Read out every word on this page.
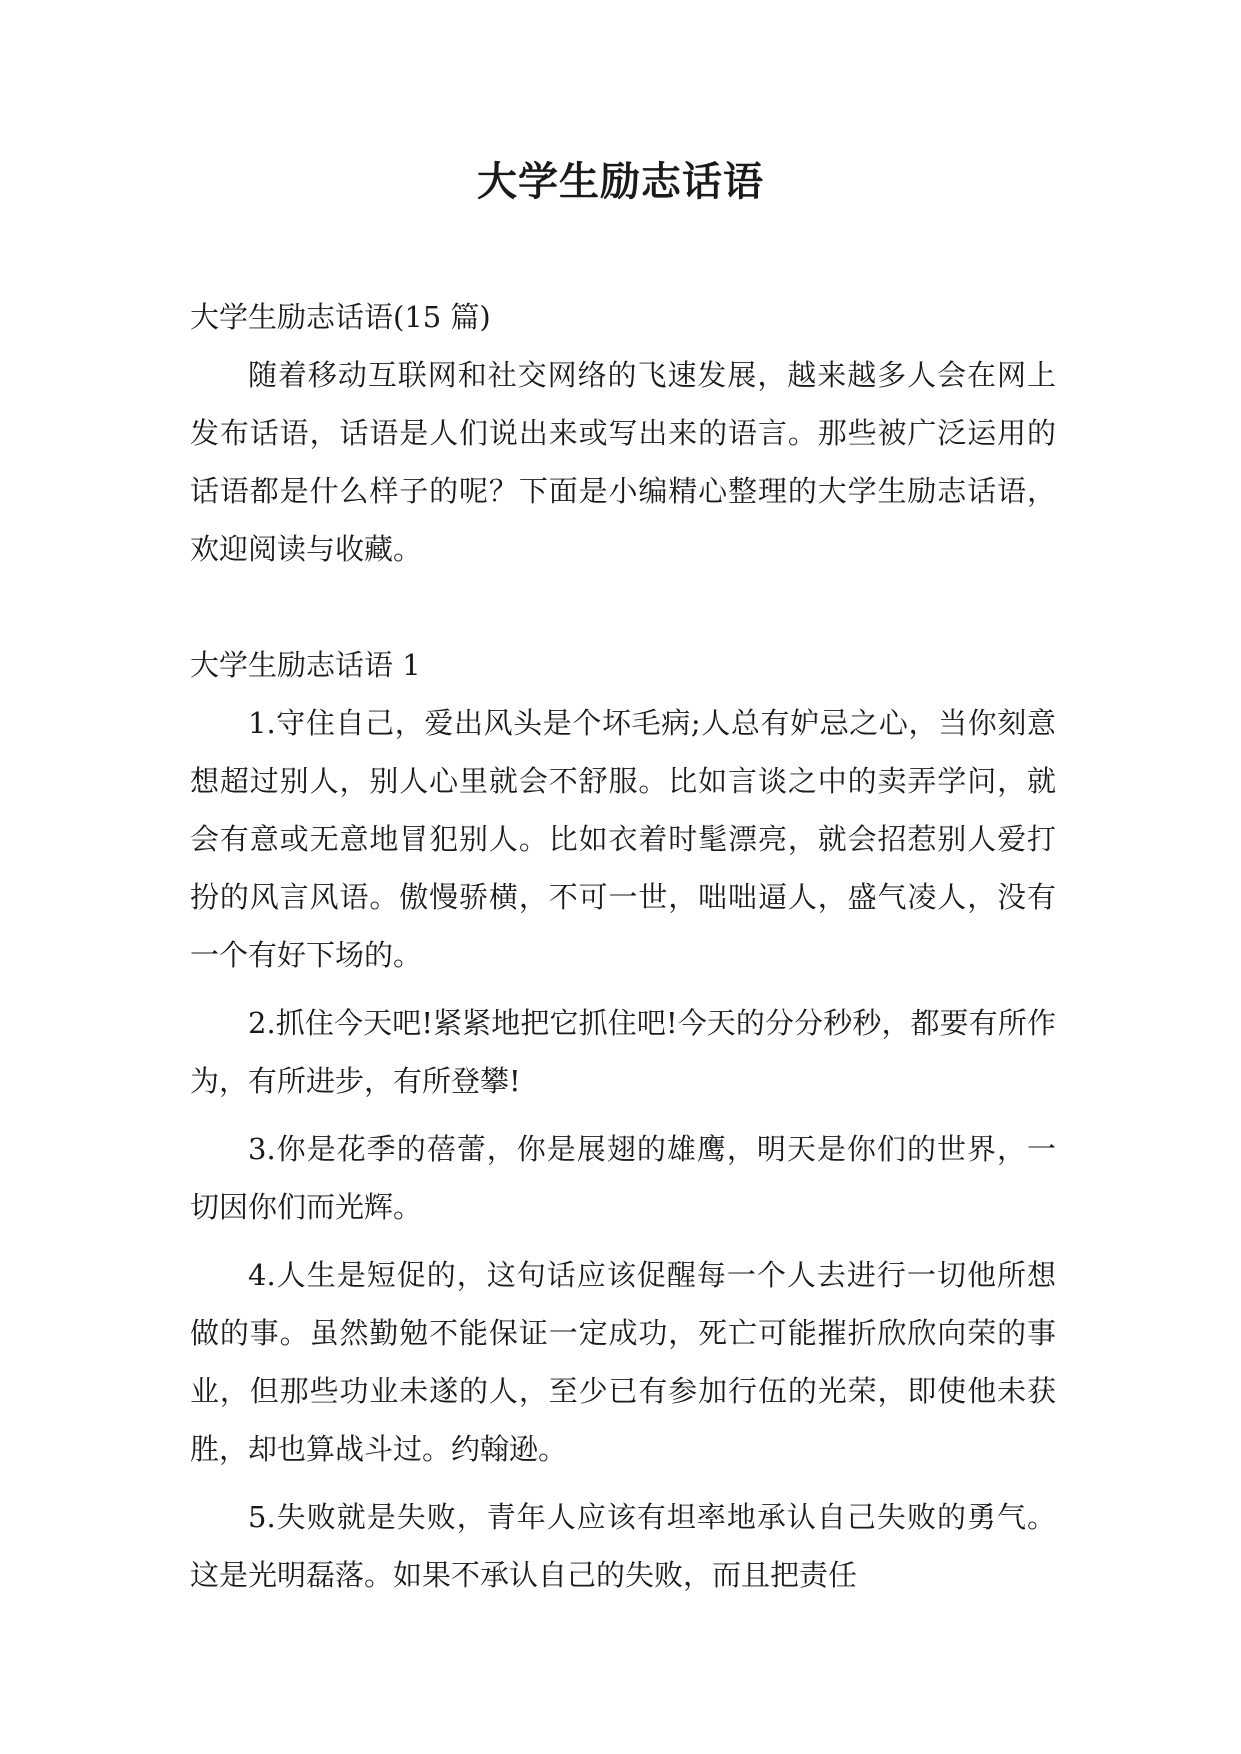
大学生励志话语

大学生励志话语(15 篇)

随着移动互联网和社交网络的飞速发展，越来越多人会在网上发布话语，话语是人们说出来或写出来的语言。那些被广泛运用的话语都是什么样子的呢？下面是小编精心整理的大学生励志话语，欢迎阅读与收藏。

大学生励志话语 1

1.守住自己，爱出风头是个坏毛病;人总有妒忌之心，当你刻意想超过别人，别人心里就会不舒服。比如言谈之中的卖弄学问，就会有意或无意地冒犯别人。比如衣着时髦漂亮，就会招惹别人爱打扮的风言风语。傲慢骄横，不可一世，咄咄逼人，盛气凌人，没有一个有好下场的。

2.抓住今天吧!紧紧地把它抓住吧!今天的分分秒秒，都要有所作为，有所进步，有所登攀!

3.你是花季的蓓蕾，你是展翅的雄鹰，明天是你们的世界，一切因你们而光辉。

4.人生是短促的，这句话应该促醒每一个人去进行一切他所想做的事。虽然勤勉不能保证一定成功，死亡可能摧折欣欣向荣的事业，但那些功业未遂的人，至少已有参加行伍的光荣，即使他未获胜，却也算战斗过。约翰逊。

5.失败就是失败，青年人应该有坦率地承认自己失败的勇气。这是光明磊落。如果不承认自己的失败，而且把责任
